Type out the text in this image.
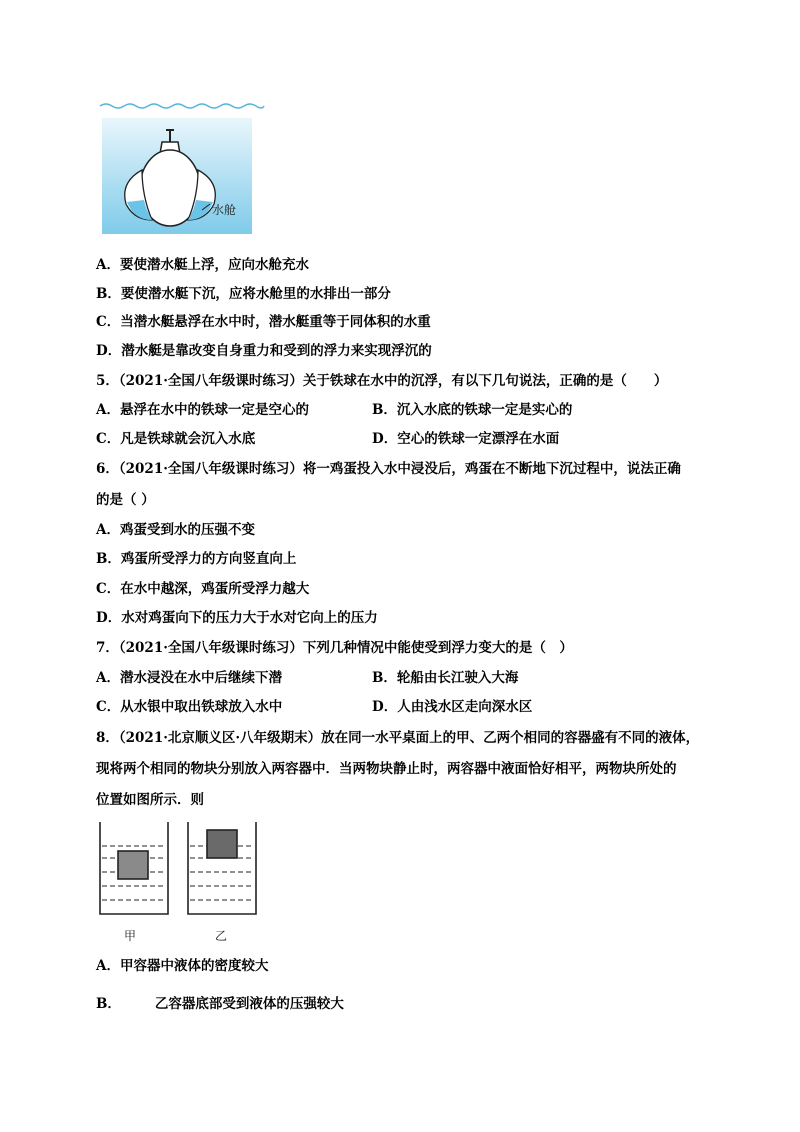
水舱
A．要使潜水艇上浮，应向水舱充水
B．要使潜水艇下沉，应将水舱里的水排出一部分
C．当潜水艇悬浮在水中时，潜水艇重等于同体积的水重
D．潜水艇是靠改变自身重力和受到的浮力来实现浮沉的
5．（2021·全国八年级课时练习）关于铁球在水中的沉浮，有以下几句说法，正确的是（　　）
A．悬浮在水中的铁球一定是空心的	B．沉入水底的铁球一定是实心的
C．凡是铁球就会沉入水底	D．空心的铁球一定漂浮在水面
6．（2021·全国八年级课时练习）将一鸡蛋投入水中浸没后，鸡蛋在不断地下沉过程中，说法正确
的是（ ）
A．鸡蛋受到水的压强不变
B．鸡蛋所受浮力的方向竖直向上
C．在水中越深，鸡蛋所受浮力越大
D．水对鸡蛋向下的压力大于水对它向上的压力
7．（2021·全国八年级课时练习）下列几种情况中能使受到浮力变大的是（　）
A．潜水浸没在水中后继续下潜	B．轮船由长江驶入大海
C．从水银中取出铁球放入水中	D．人由浅水区走向深水区
8．（2021·北京顺义区·八年级期末）放在同一水平桌面上的甲、乙两个相同的容器盛有不同的液体，
现将两个相同的物块分别放入两容器中．当两物块静止时，两容器中液面恰好相平，两物块所处的
位置如图所示．则
甲	乙
A．甲容器中液体的密度较大
B．	乙容器底部受到液体的压强较大
